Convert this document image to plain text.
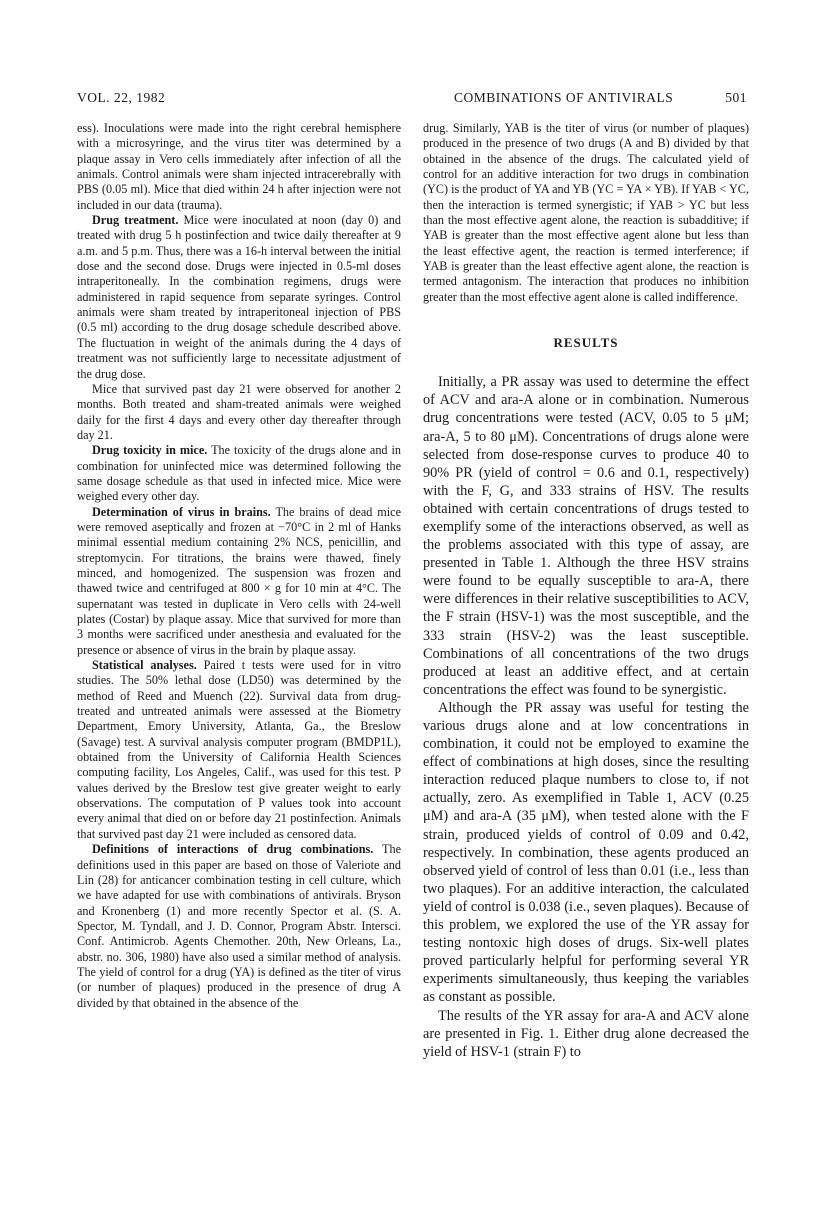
VOL. 22, 1982	COMBINATIONS OF ANTIVIRALS	501

ess). Inoculations were made into the right cerebral hemisphere with a microsyringe, and the virus titer was determined by a plaque assay in Vero cells immediately after infection of all the animals. Control animals were sham injected intracerebrally with PBS (0.05 ml). Mice that died within 24 h after injection were not included in our data (trauma).

Drug treatment. Mice were inoculated at noon (day 0) and treated with drug 5 h postinfection and twice daily thereafter at 9 a.m. and 5 p.m. Thus, there was a 16-h interval between the initial dose and the second dose. Drugs were injected in 0.5-ml doses intraperitoneally. In the combination regimens, drugs were administered in rapid sequence from separate syringes. Control animals were sham treated by intraperitoneal injection of PBS (0.5 ml) according to the drug dosage schedule described above. The fluctuation in weight of the animals during the 4 days of treatment was not sufficiently large to necessitate adjustment of the drug dose.

Mice that survived past day 21 were observed for another 2 months. Both treated and sham-treated animals were weighed daily for the first 4 days and every other day thereafter through day 21.

Drug toxicity in mice. The toxicity of the drugs alone and in combination for uninfected mice was determined following the same dosage schedule as that used in infected mice. Mice were weighed every other day.

Determination of virus in brains. The brains of dead mice were removed aseptically and frozen at −70°C in 2 ml of Hanks minimal essential medium containing 2% NCS, penicillin, and streptomycin. For titrations, the brains were thawed, finely minced, and homogenized. The suspension was frozen and thawed twice and centrifuged at 800 × g for 10 min at 4°C. The supernatant was tested in duplicate in Vero cells with 24-well plates (Costar) by plaque assay. Mice that survived for more than 3 months were sacrificed under anesthesia and evaluated for the presence or absence of virus in the brain by plaque assay.

Statistical analyses. Paired t tests were used for in vitro studies. The 50% lethal dose (LD50) was determined by the method of Reed and Muench (22). Survival data from drug-treated and untreated animals were assessed at the Biometry Department, Emory University, Atlanta, Ga., the Breslow (Savage) test. A survival analysis computer program (BMDP1L), obtained from the University of California Health Sciences computing facility, Los Angeles, Calif., was used for this test. P values derived by the Breslow test give greater weight to early observations. The computation of P values took into account every animal that died on or before day 21 postinfection. Animals that survived past day 21 were included as censored data.

Definitions of interactions of drug combinations. The definitions used in this paper are based on those of Valeriote and Lin (28) for anticancer combination testing in cell culture, which we have adapted for use with combinations of antivirals. Bryson and Kronenberg (1) and more recently Spector et al. (S. A. Spector, M. Tyndall, and J. D. Connor, Program Abstr. Intersci. Conf. Antimicrob. Agents Chemother. 20th, New Orleans, La., abstr. no. 306, 1980) have also used a similar method of analysis. The yield of control for a drug (YA) is defined as the titer of virus (or number of plaques) produced in the presence of drug A divided by that obtained in the absence of the

drug. Similarly, YAB is the titer of virus (or number of plaques) produced in the presence of two drugs (A and B) divided by that obtained in the absence of the drugs. The calculated yield of control for an additive interaction for two drugs in combination (YC) is the product of YA and YB (YC = YA × YB). If YAB < YC, then the interaction is termed synergistic; if YAB > YC but less than the most effective agent alone, the reaction is subadditive; if YAB is greater than the most effective agent alone but less than the least effective agent, the reaction is termed interference; if YAB is greater than the least effective agent alone, the reaction is termed antagonism. The interaction that produces no inhibition greater than the most effective agent alone is called indifference.

RESULTS

Initially, a PR assay was used to determine the effect of ACV and ara-A alone or in combination. Numerous drug concentrations were tested (ACV, 0.05 to 5 μM; ara-A, 5 to 80 μM). Concentrations of drugs alone were selected from dose-response curves to produce 40 to 90% PR (yield of control = 0.6 and 0.1, respectively) with the F, G, and 333 strains of HSV. The results obtained with certain concentrations of drugs tested to exemplify some of the interactions observed, as well as the problems associated with this type of assay, are presented in Table 1. Although the three HSV strains were found to be equally susceptible to ara-A, there were differences in their relative susceptibilities to ACV, the F strain (HSV-1) was the most susceptible, and the 333 strain (HSV-2) was the least susceptible. Combinations of all concentrations of the two drugs produced at least an additive effect, and at certain concentrations the effect was found to be synergistic.

Although the PR assay was useful for testing the various drugs alone and at low concentrations in combination, it could not be employed to examine the effect of combinations at high doses, since the resulting interaction reduced plaque numbers to close to, if not actually, zero. As exemplified in Table 1, ACV (0.25 μM) and ara-A (35 μM), when tested alone with the F strain, produced yields of control of 0.09 and 0.42, respectively. In combination, these agents produced an observed yield of control of less than 0.01 (i.e., less than two plaques). For an additive interaction, the calculated yield of control is 0.038 (i.e., seven plaques). Because of this problem, we explored the use of the YR assay for testing nontoxic high doses of drugs. Six-well plates proved particularly helpful for performing several YR experiments simultaneously, thus keeping the variables as constant as possible.

The results of the YR assay for ara-A and ACV alone are presented in Fig. 1. Either drug alone decreased the yield of HSV-1 (strain F) to
